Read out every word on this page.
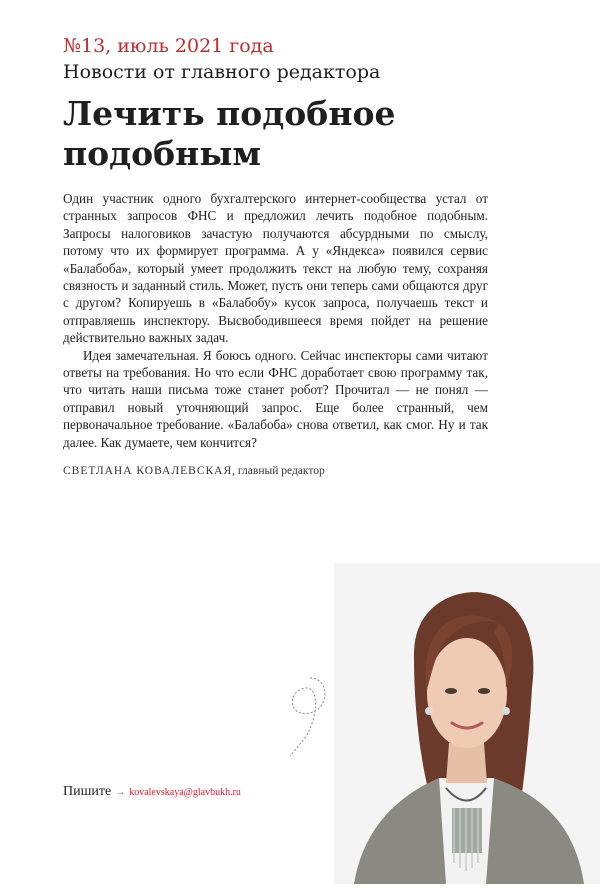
№13, июль 2021 года
Новости от главного редактора
Лечить подобное подобным

Один участник одного бухгалтерского интернет-сообщества устал от странных запросов ФНС и предложил лечить подобное подобным. Запросы налоговиков зачастую получаются абсурдными по смыслу, потому что их формирует программа. А у «Яндекса» появился сервис «Балабоба», который умеет продолжить текст на любую тему, сохраняя связность и заданный стиль. Может, пусть они теперь сами общаются друг с другом? Копируешь в «Балабобу» кусок запроса, получаешь текст и отправляешь инспектору. Высвободившееся время пойдет на решение действительно важных задач.

Идея замечательная. Я боюсь одного. Сейчас инспекторы сами читают ответы на требования. Но что если ФНС доработает свою программу так, что читать наши письма тоже станет робот? Прочитал — не понял — отправил новый уточняющий запрос. Еще более странный, чем первоначальное требование. «Балабоба» снова ответил, как смог. Ну и так далее. Как думаете, чем кончится?

СВЕТЛАНА КОВАЛЕВСКАЯ, главный редактор
Пишите → kovalevskaya@glavbukh.ru
